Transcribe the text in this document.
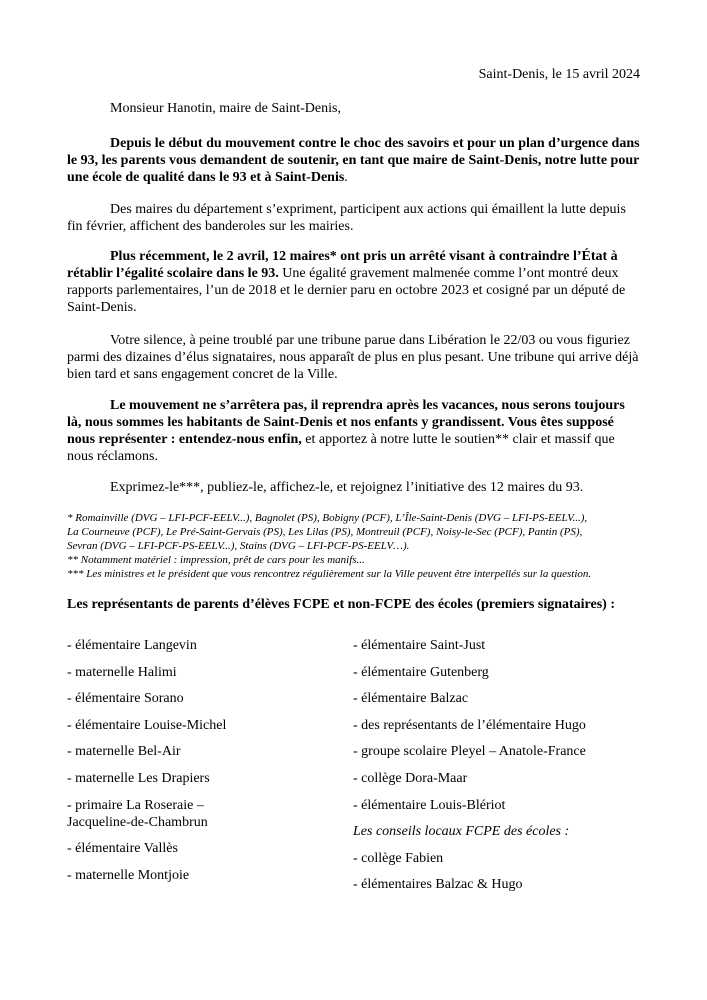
Saint-Denis, le 15 avril 2024
Monsieur Hanotin, maire de Saint-Denis,

Depuis le début du mouvement contre le choc des savoirs et pour un plan d’urgence dans le 93, les parents vous demandent de soutenir, en tant que maire de Saint-Denis, notre lutte pour une école de qualité dans le 93 et à Saint-Denis.

Des maires du département s’expriment, participent aux actions qui émaillent la lutte depuis fin février, affichent des banderoles sur les mairies.

Plus récemment, le 2 avril, 12 maires* ont pris un arrêté visant à contraindre l’État à rétablir l’égalité scolaire dans le 93. Une égalité gravement malmenée comme l’ont montré deux rapports parlementaires, l’un de 2018 et le dernier paru en octobre 2023 et cosigné par un député de Saint-Denis.

Votre silence, à peine troublé par une tribune parue dans Libération le 22/03 ou vous figuriez parmi des dizaines d’élus signataires, nous apparaît de plus en plus pesant. Une tribune qui arrive déjà bien tard et sans engagement concret de la Ville.

Le mouvement ne s’arrêtera pas, il reprendra après les vacances, nous serons toujours là, nous sommes les habitants de Saint-Denis et nos enfants y grandissent. Vous êtes supposé nous représenter : entendez-nous enfin, et apportez à notre lutte le soutien** clair et massif que nous réclamons.

Exprimez-le***, publiez-le, affichez-le, et rejoignez l’initiative des 12 maires du 93.

* Romainville (DVG – LFI-PCF-EELV...), Bagnolet (PS), Bobigny (PCF), L’Île-Saint-Denis (DVG – LFI-PS-EELV...),
La Courneuve (PCF), Le Pré-Saint-Gervais (PS), Les Lilas (PS), Montreuil (PCF), Noisy-le-Sec (PCF), Pantin (PS),
Sevran (DVG – LFI-PCF-PS-EELV...), Stains (DVG – LFI-PCF-PS-EELV…).
** Notamment matériel : impression, prêt de cars pour les manifs...
*** Les ministres et le président que vous rencontrez régulièrement sur la Ville peuvent être interpellés sur la question.
Les représentants de parents d’élèves FCPE et non-FCPE des écoles (premiers signataires) :
- élémentaire Langevin
- maternelle Halimi
- élémentaire Sorano
- élémentaire Louise-Michel
- maternelle Bel-Air
- maternelle Les Drapiers
- primaire La Roseraie – Jacqueline-de-Chambrun
- élémentaire Vallès
- maternelle Montjoie
- élémentaire Saint-Just
- élémentaire Gutenberg
- élémentaire Balzac
- des représentants de l’élémentaire Hugo
- groupe scolaire Pleyel – Anatole-France
- collège Dora-Maar
- élémentaire Louis-Blériot
Les conseils locaux FCPE des écoles :
- collège Fabien
- élémentaires Balzac & Hugo
